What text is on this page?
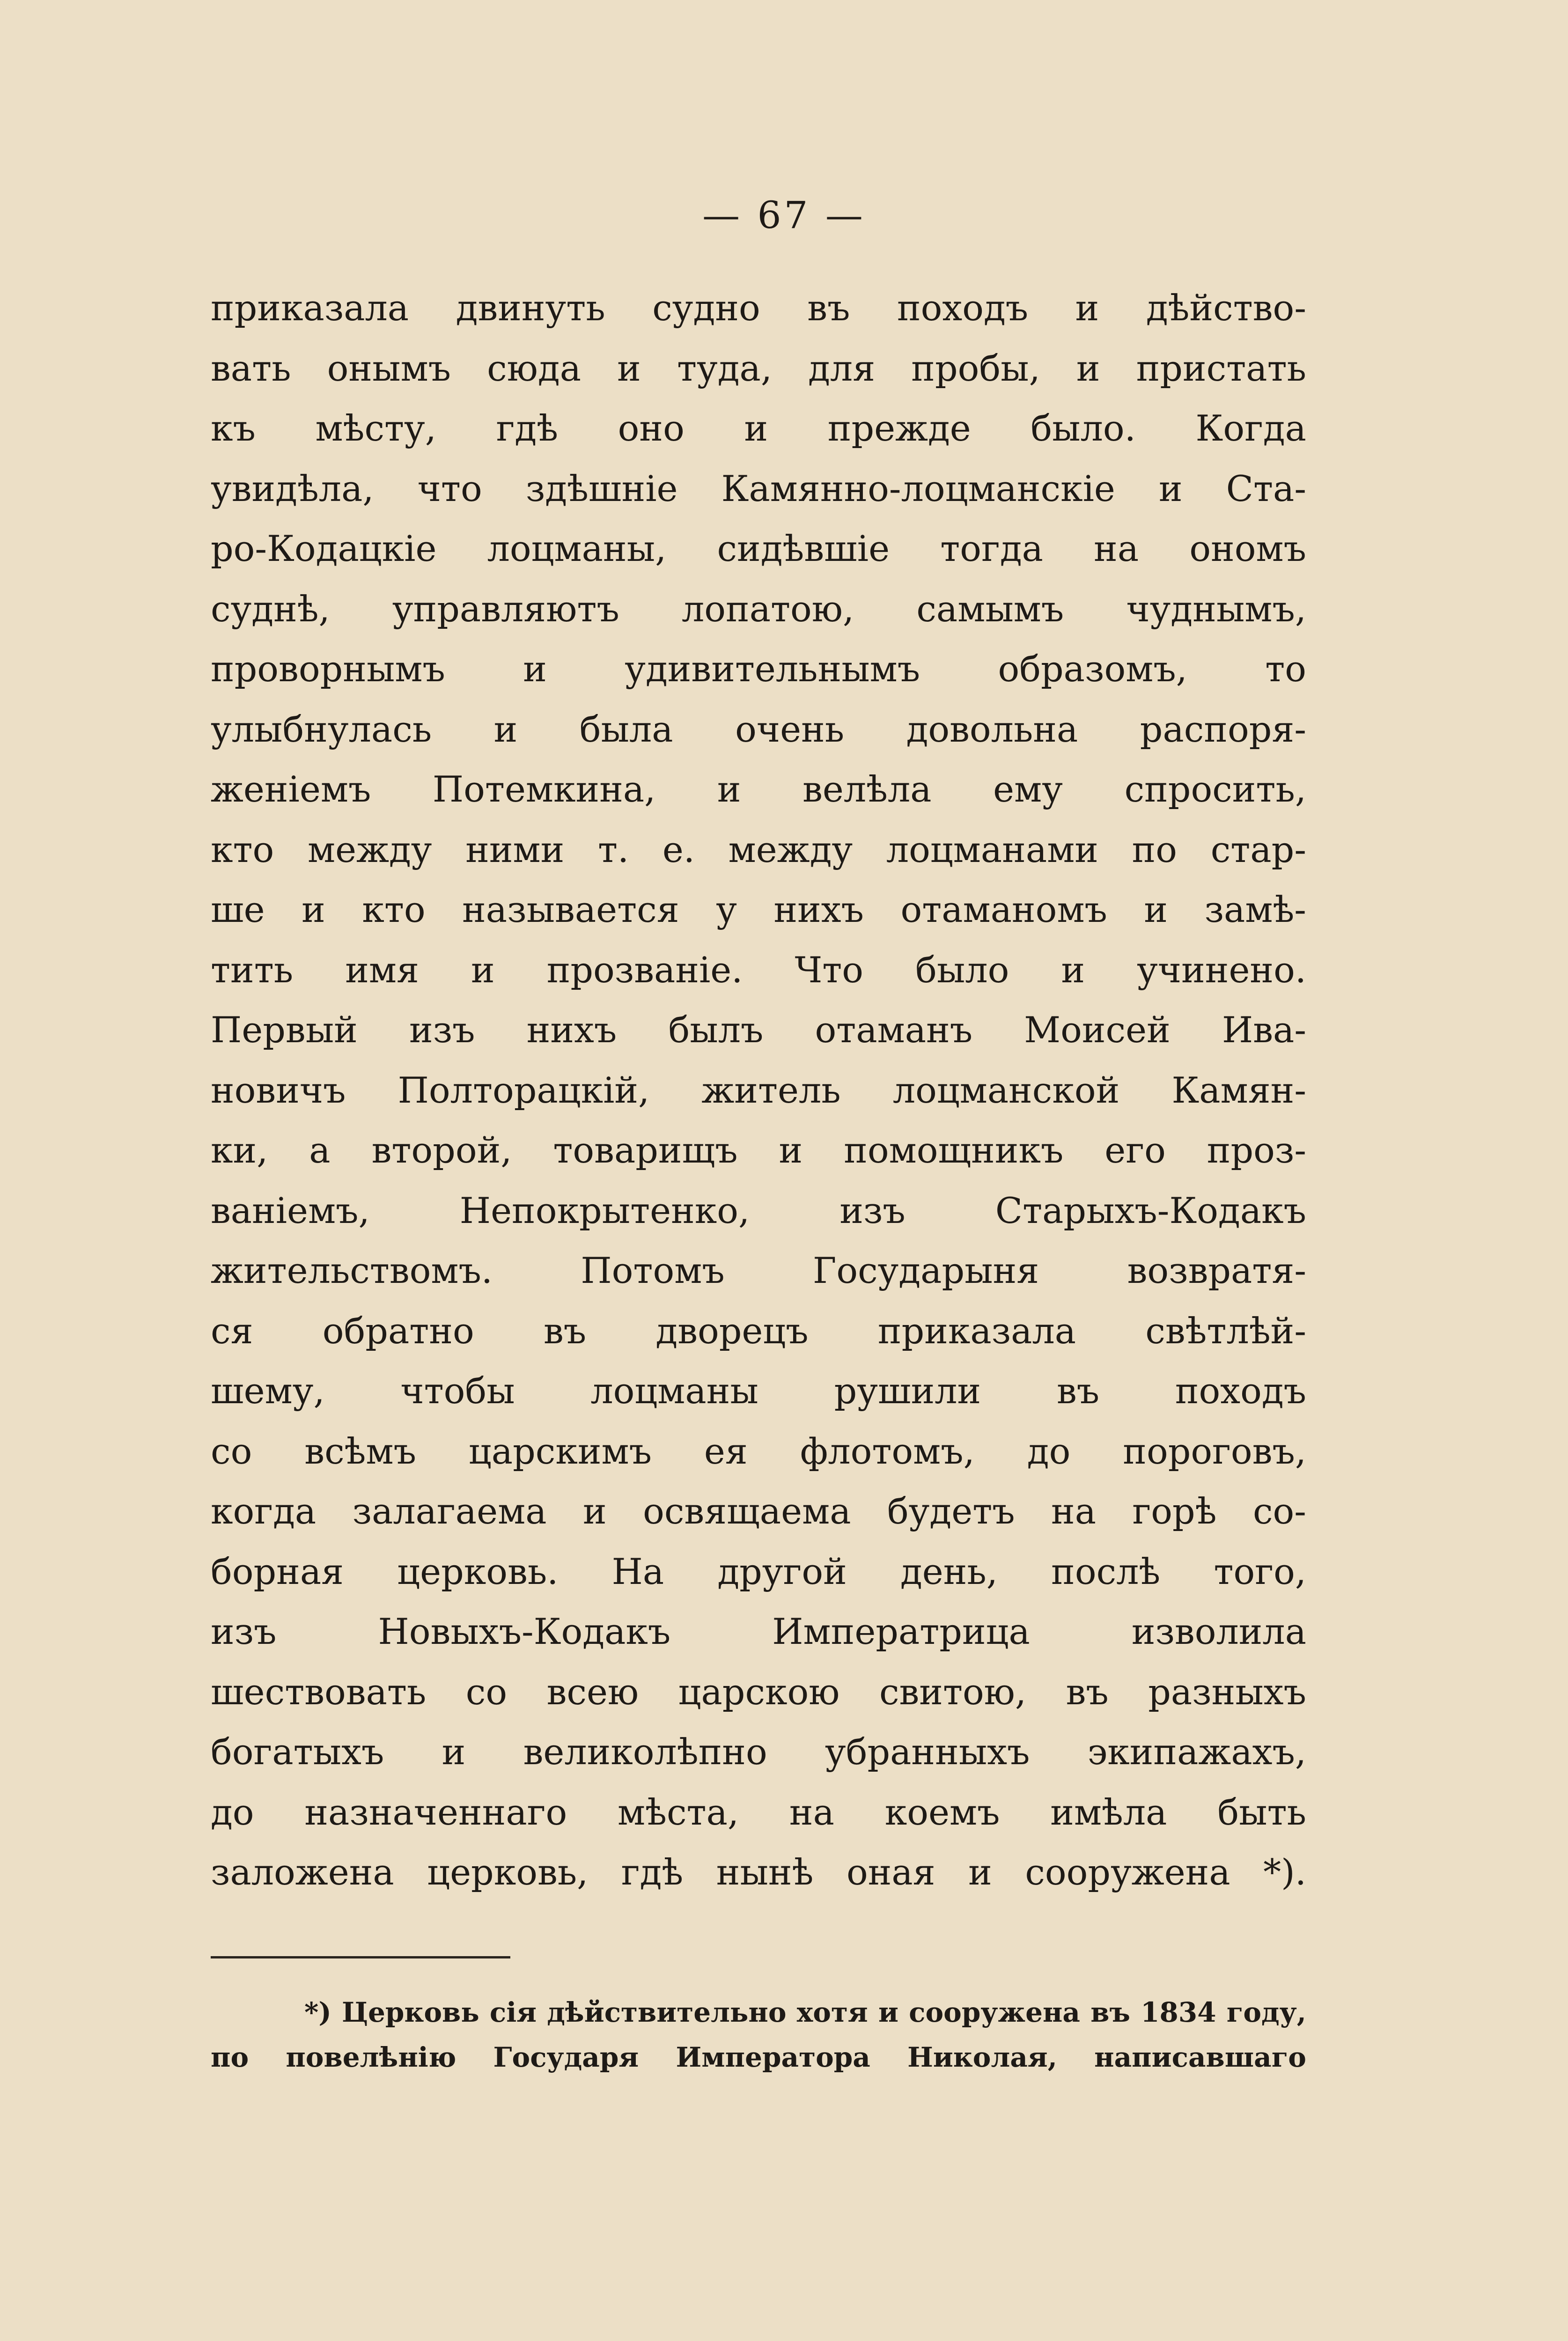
— 67 —
приказала двинуть судно въ походъ и дѣйство-
вать онымъ сюда и туда, для пробы, и пристать
къ мѣсту, гдѣ оно и прежде было. Когда
увидѣла, что здѣшніе Камянно-лоцманскіе и Ста-
ро-Кодацкіе лоцманы, сидѣвшіе тогда на ономъ
суднѣ, управляютъ лопатою, самымъ чуднымъ,
проворнымъ и удивительнымъ образомъ, то
улыбнулась и была очень довольна распоря-
женіемъ Потемкина, и велѣла ему спросить,
кто между ними т. е. между лоцманами по стар-
ше и кто называется у нихъ отаманомъ и замѣ-
тить имя и прозваніе. Что было и учинено.
Первый изъ нихъ былъ отаманъ Моисей Ива-
новичъ Полторацкій, житель лоцманской Камян-
ки, а второй, товарищъ и помощникъ его проз-
ваніемъ, Непокрытенко, изъ Старыхъ-Кодакъ
жительствомъ. Потомъ Государыня возвратя-
ся обратно въ дворецъ приказала свѣтлѣй-
шему, чтобы лоцманы рушили въ походъ
со всѣмъ царскимъ ея флотомъ, до пороговъ,
когда залагаема и освящаема будетъ на горѣ со-
борная церковь. На другой день, послѣ того,
изъ Новыхъ-Кодакъ Императрица изволила
шествовать со всею царскою свитою, въ разныхъ
богатыхъ и великолѣпно убранныхъ экипажахъ,
до назначеннаго мѣста, на коемъ имѣла быть
заложена церковь, гдѣ нынѣ оная и сооружена *).
*) Церковь сія дѣйствительно хотя и сооружена въ 1834 году,
по повелѣнію Государя Императора Николая, написавшаго
